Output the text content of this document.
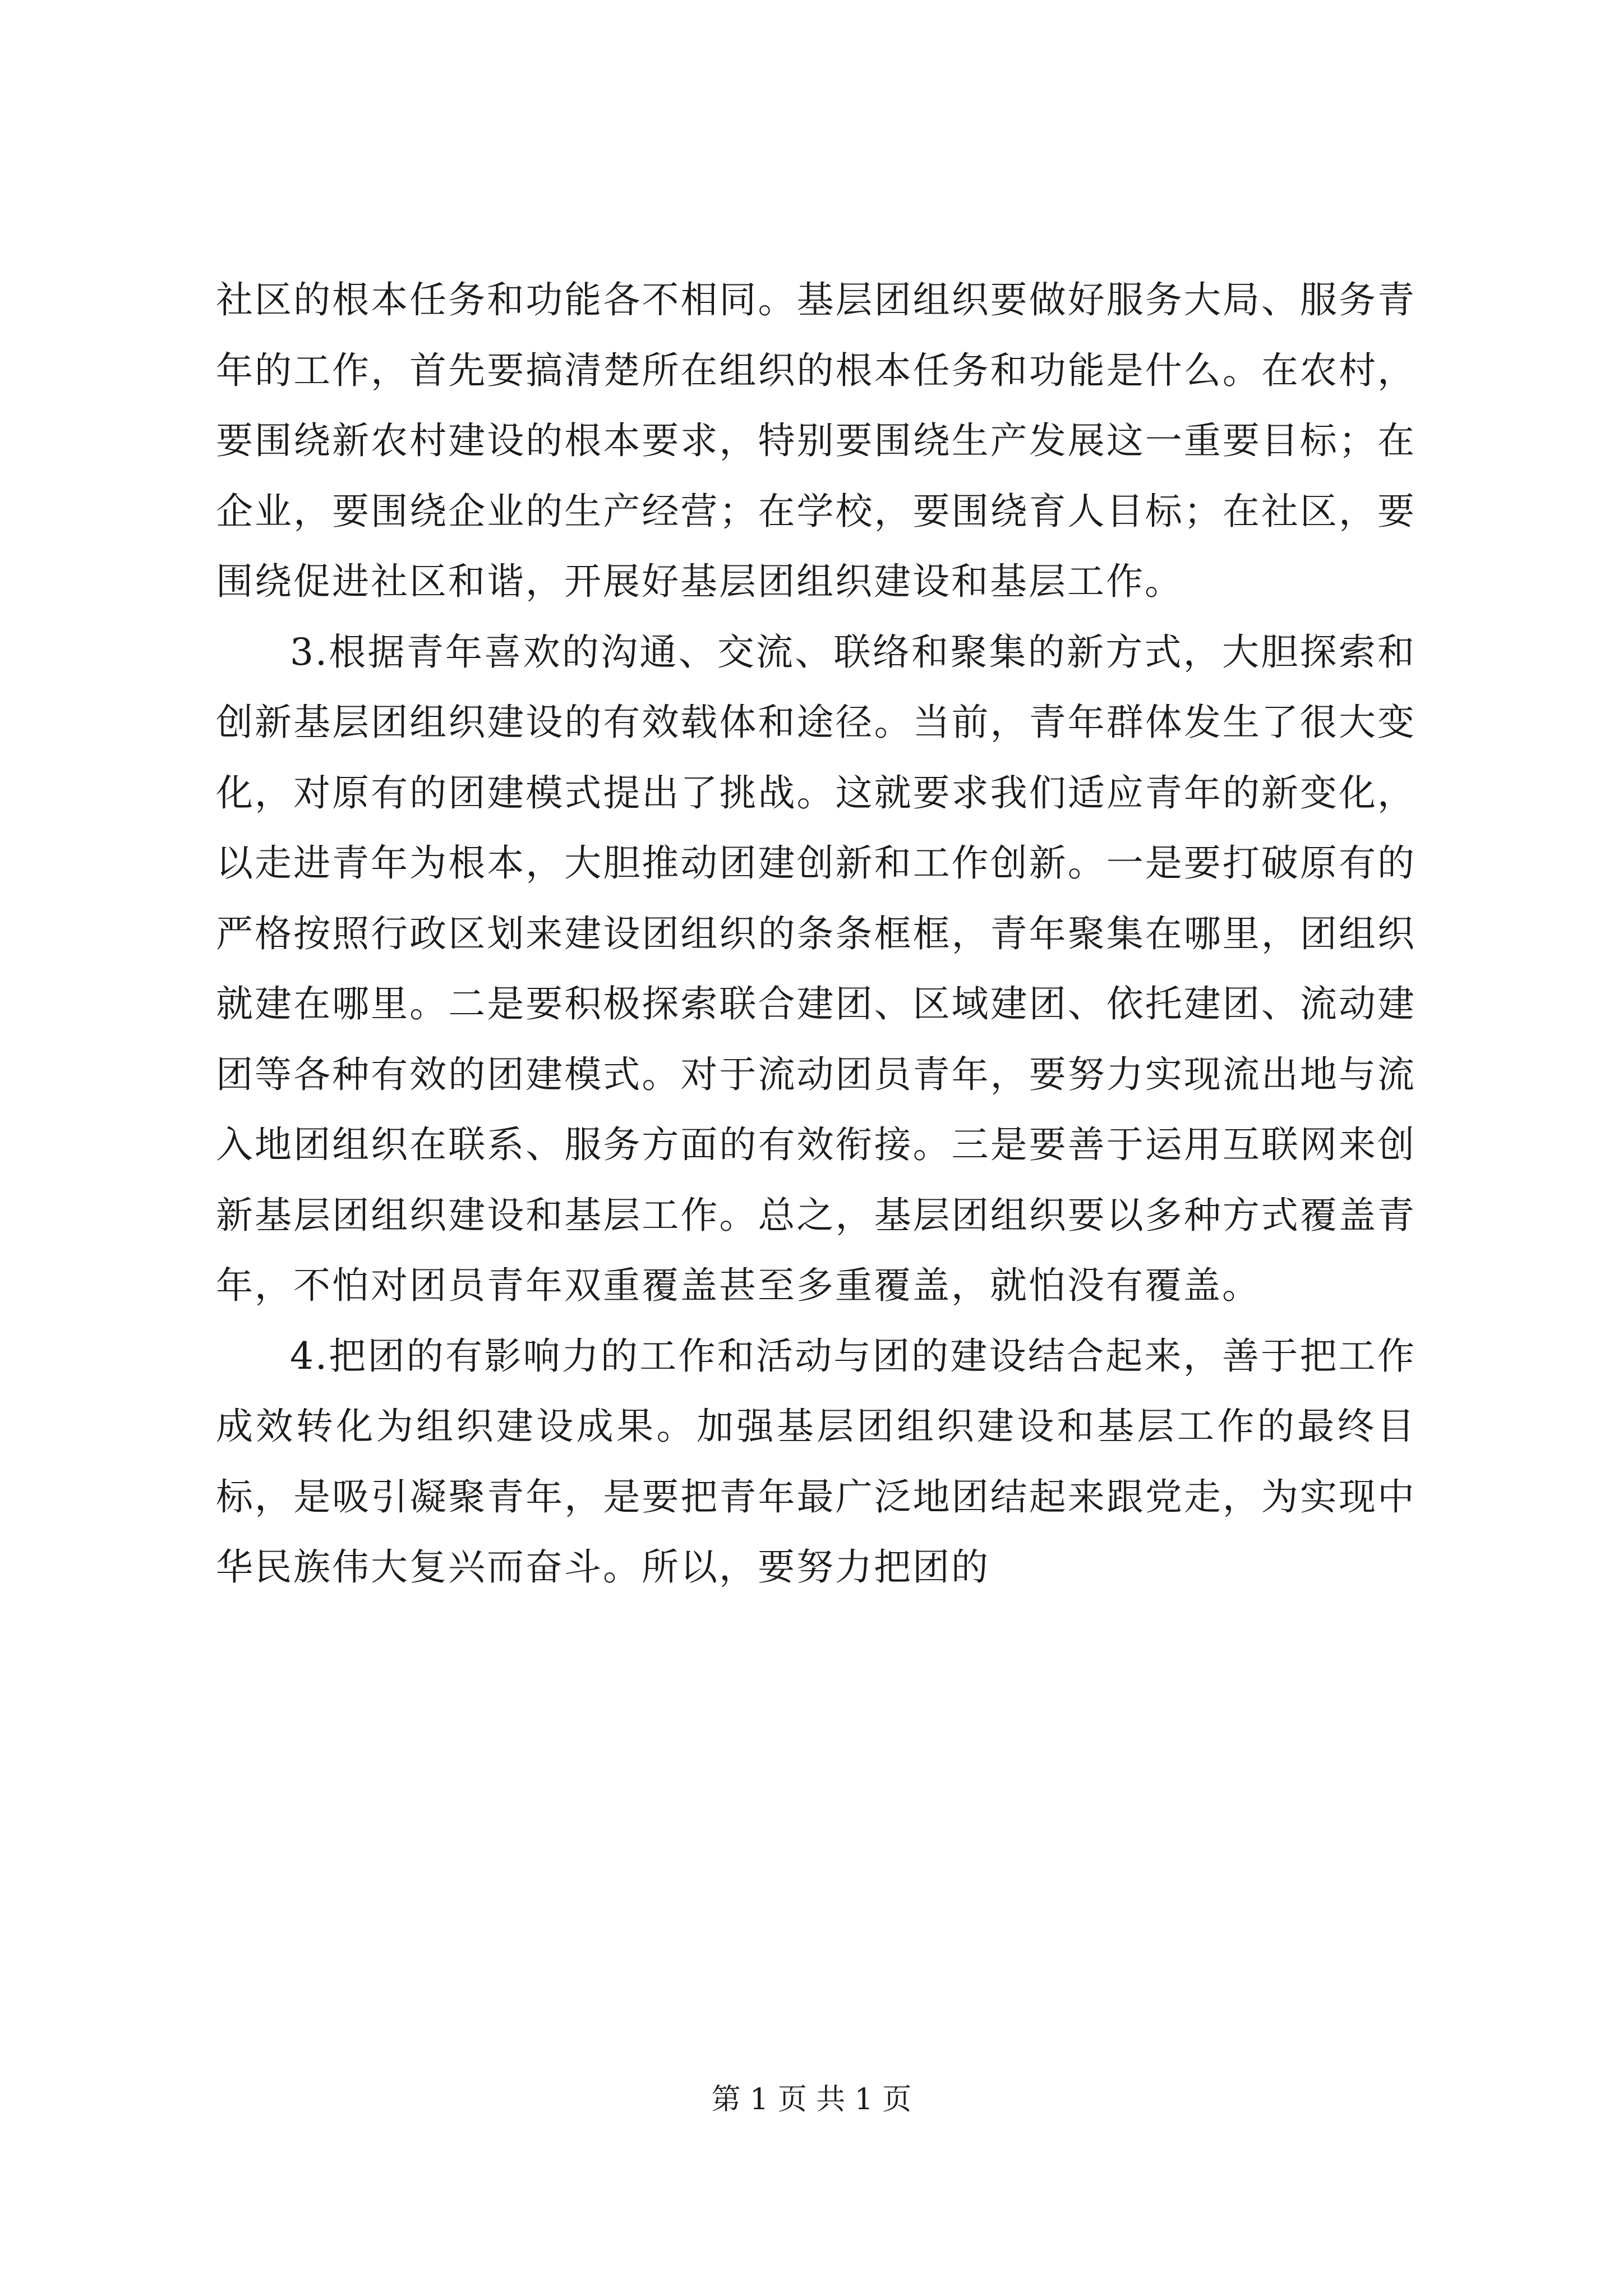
社区的根本任务和功能各不相同。基层团组织要做好服务大局、服务青年的工作，首先要搞清楚所在组织的根本任务和功能是什么。在农村，要围绕新农村建设的根本要求，特别要围绕生产发展这一重要目标；在企业，要围绕企业的生产经营；在学校，要围绕育人目标；在社区，要围绕促进社区和谐，开展好基层团组织建设和基层工作。

3.根据青年喜欢的沟通、交流、联络和聚集的新方式，大胆探索和创新基层团组织建设的有效载体和途径。当前，青年群体发生了很大变化，对原有的团建模式提出了挑战。这就要求我们适应青年的新变化，以走进青年为根本，大胆推动团建创新和工作创新。一是要打破原有的严格按照行政区划来建设团组织的条条框框，青年聚集在哪里，团组织就建在哪里。二是要积极探索联合建团、区域建团、依托建团、流动建团等各种有效的团建模式。对于流动团员青年，要努力实现流出地与流入地团组织在联系、服务方面的有效衔接。三是要善于运用互联网来创新基层团组织建设和基层工作。总之，基层团组织要以多种方式覆盖青年，不怕对团员青年双重覆盖甚至多重覆盖，就怕没有覆盖。

4.把团的有影响力的工作和活动与团的建设结合起来，善于把工作成效转化为组织建设成果。加强基层团组织建设和基层工作的最终目标，是吸引凝聚青年，是要把青年最广泛地团结起来跟党走，为实现中华民族伟大复兴而奋斗。所以，要努力把团的

第 1 页 共 1 页
